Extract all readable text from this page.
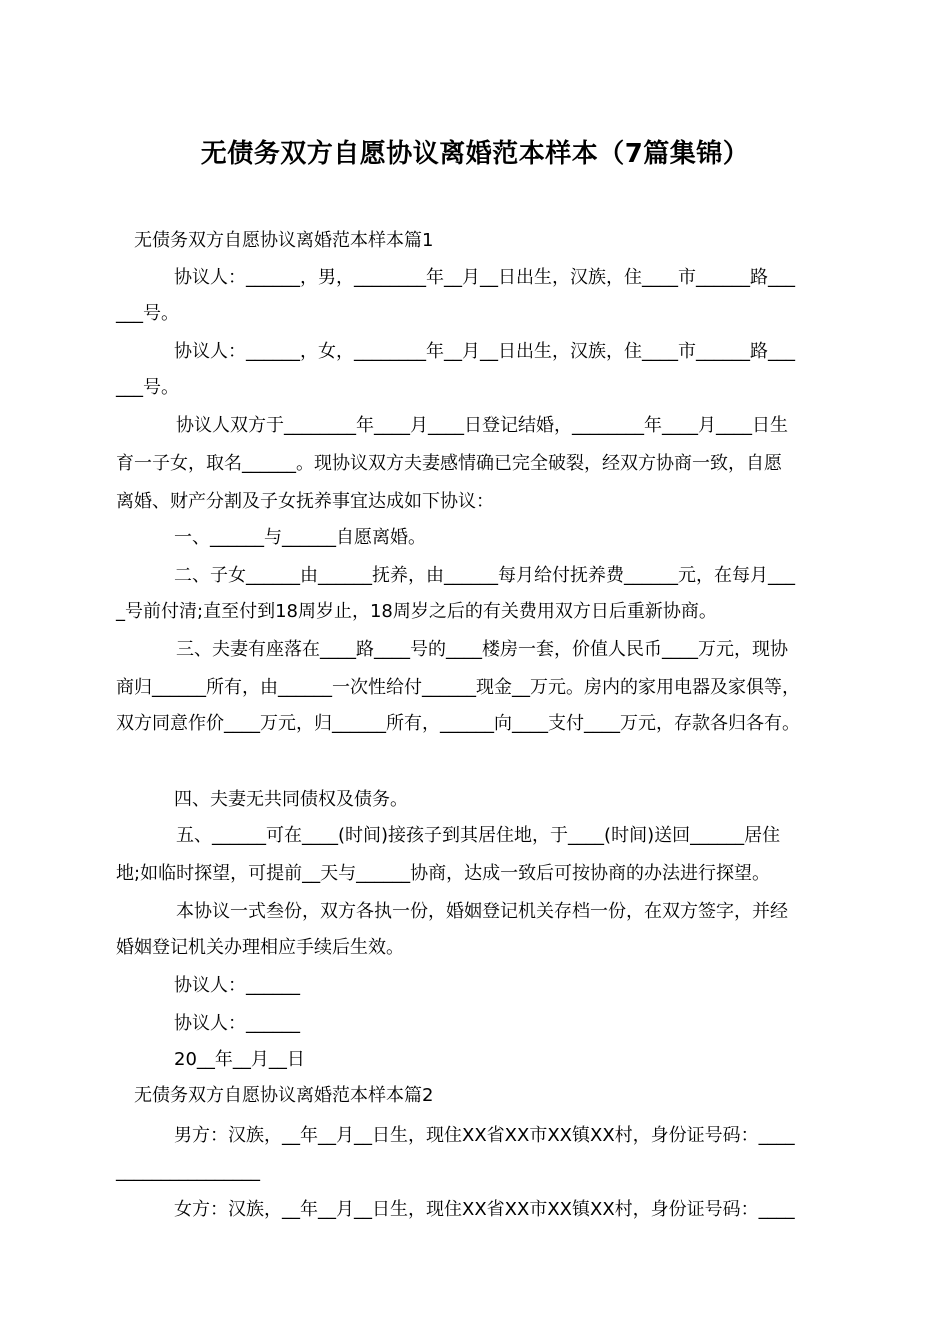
无债务双方自愿协议离婚范本样本（7篇集锦）
无债务双方自愿协议离婚范本样本篇1
协议人：______，男，________年__月__日出生，汉族，住____市______路___
___号。
协议人：______，女，________年__月__日出生，汉族，住____市______路___
___号。
协议人双方于________年____月____日登记结婚，________年____月____日生
育一子女，取名______。现协议双方夫妻感情确已完全破裂，经双方协商一致，自愿
离婚、财产分割及子女抚养事宜达成如下协议：
一、______与______自愿离婚。
二、子女______由______抚养，由______每月给付抚养费______元，在每月___
_号前付清;直至付到18周岁止，18周岁之后的有关费用双方日后重新协商。
三、夫妻有座落在____路____号的____楼房一套，价值人民币____万元，现协
商归______所有，由______一次性给付______现金__万元。房内的家用电器及家俱等，
双方同意作价____万元，归______所有，______向____支付____万元，存款各归各有。
四、夫妻无共同债权及债务。
五、______可在____(时间)接孩子到其居住地，于____(时间)送回______居住
地;如临时探望，可提前__天与______协商，达成一致后可按协商的办法进行探望。
本协议一式叁份，双方各执一份，婚姻登记机关存档一份，在双方签字，并经
婚姻登记机关办理相应手续后生效。
协议人：______
协议人：______
20__年__月__日
无债务双方自愿协议离婚范本样本篇2
男方：汉族，__年__月__日生，现住XX省XX市XX镇XX村，身份证号码：____
________________
女方：汉族，__年__月__日生，现住XX省XX市XX镇XX村，身份证号码：____
